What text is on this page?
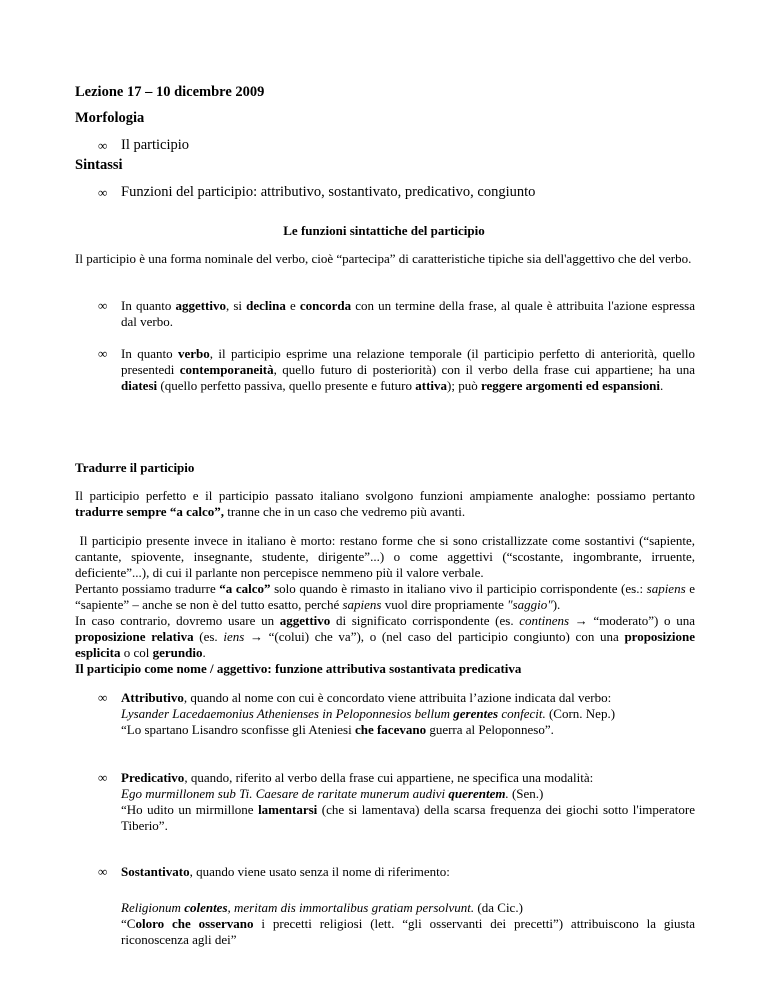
Lezione 17 – 10 dicembre 2009
Morfologia
∞ Il participio
Sintassi
∞ Funzioni del participio: attributivo, sostantivato, predicativo, congiunto
Le funzioni sintattiche del participio
Il participio è una forma nominale del verbo, cioè “partecipa” di caratteristiche tipiche sia dell'aggettivo che del verbo.
∞ In quanto aggettivo, si declina e concorda con un termine della frase, al quale è attribuita l'azione espressa dal verbo.
∞ In quanto verbo, il participio esprime una relazione temporale (il participio perfetto di anteriorità, quello presentedi contemporaneità, quello futuro di posteriorità) con il verbo della frase cui appartiene; ha una diatesi (quello perfetto passiva, quello presente e futuro attiva); può reggere argomenti ed espansioni.
Tradurre il participio
Il participio perfetto e il participio passato italiano svolgono funzioni ampiamente analoghe: possiamo pertanto tradurre sempre “a calco”, tranne che in un caso che vedremo più avanti.
Il participio presente invece in italiano è morto: restano forme che si sono cristallizzate come sostantivi (“sapiente, cantante, spiovente, insegnante, studente, dirigente”...) o come aggettivi (“scostante, ingombrante, irruente, deficiente”...), di cui il parlante non percepisce nemmeno più il valore verbale.
Pertanto possiamo tradurre “a calco” solo quando è rimasto in italiano vivo il participio corrispondente (es.: sapiens e “sapiente” – anche se non è del tutto esatto, perché sapiens vuol dire propriamente "saggio").
In caso contrario, dovremo usare un aggettivo di significato corrispondente (es. continens → “moderato”) o una proposizione relativa (es. iens → “(colui) che va”), o (nel caso del participio congiunto) con una proposizione esplicita o col gerundio.
Il participio come nome / aggettivo: funzione attributiva sostantivata predicativa
∞ Attributivo, quando al nome con cui è concordato viene attribuita l’azione indicata dal verbo:
Lysander Lacedaemonius Athenienses in Peloponnesios bellum gerentes confecit. (Corn. Nep.)
“Lo spartano Lisandro sconfisse gli Ateniesi che facevano guerra al Peloponneso”.
∞ Predicativo, quando, riferito al verbo della frase cui appartiene, ne specifica una modalità:
Ego murmillonem sub Ti. Caesare de raritate munerum audivi querentem. (Sen.)
“Ho udito un mirmillone lamentarsi (che si lamentava) della scarsa frequenza dei giochi sotto l'imperatore Tiberio”.
∞ Sostantivato, quando viene usato senza il nome di riferimento:
Religionum colentes, meritam dis immortalibus gratiam persolvunt. (da Cic.)
“Coloro che osservano i precetti religiosi (lett. “gli osservanti dei precetti”) attribuiscono la giusta riconoscenza agli dei”
